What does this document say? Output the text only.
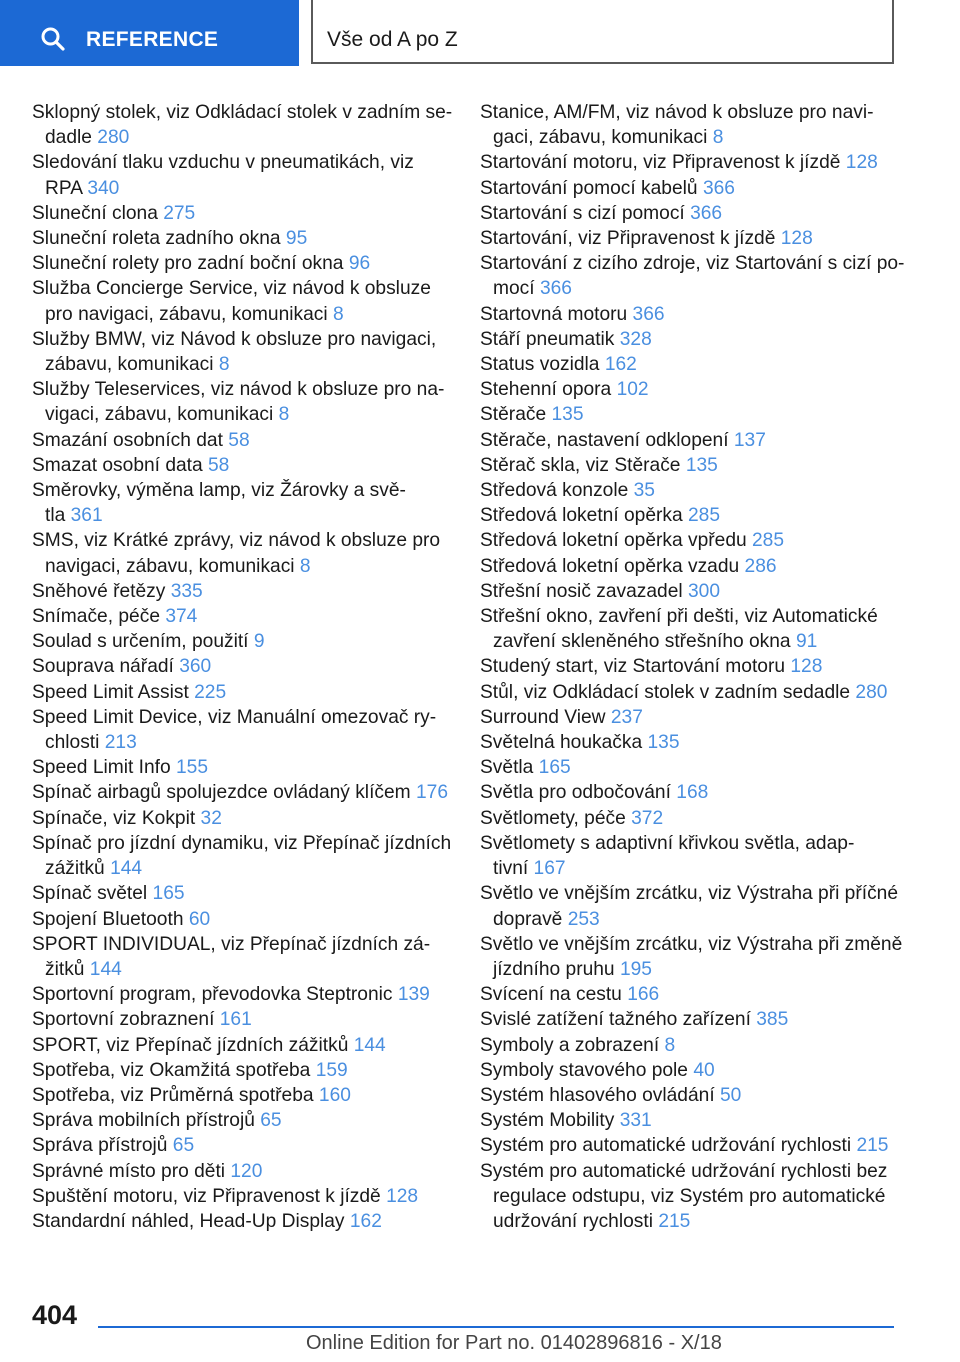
REFERENCE	Vše od A po Z
Sklopný stolek, viz Odkládací stolek v zadním se‐
dadle 280
Sledování tlaku vzduchu v pneumatikách, viz
RPA 340
Sluneční clona 275
Sluneční roleta zadního okna 95
Sluneční rolety pro zadní boční okna 96
Služba Concierge Service, viz návod k obsluze
pro navigaci, zábavu, komunikaci 8
Služby BMW, viz Návod k obsluze pro navigaci,
zábavu, komunikaci 8
Služby Teleservices, viz návod k obsluze pro na‐
vigaci, zábavu, komunikaci 8
Smazání osobních dat 58
Smazat osobní data 58
Směrovky, výměna lamp, viz Žárovky a svě‐
tla 361
SMS, viz Krátké zprávy, viz návod k obsluze pro
navigaci, zábavu, komunikaci 8
Sněhové řetězy 335
Snímače, péče 374
Soulad s určením, použití 9
Souprava nářadí 360
Speed Limit Assist 225
Speed Limit Device, viz Manuální omezovač ry‐
chlosti 213
Speed Limit Info 155
Spínač airbagů spolujezdce ovládaný klíčem 176
Spínače, viz Kokpit 32
Spínač pro jízdní dynamiku, viz Přepínač jízdních
zážitků 144
Spínač světel 165
Spojení Bluetooth 60
SPORT INDIVIDUAL, viz Přepínač jízdních zá‐
žitků 144
Sportovní program, převodovka Steptronic 139
Sportovní zobraznení 161
SPORT, viz Přepínač jízdních zážitků 144
Spotřeba, viz Okamžitá spotřeba 159
Spotřeba, viz Průměrná spotřeba 160
Správa mobilních přístrojů 65
Správa přístrojů 65
Správné místo pro děti 120
Spuštění motoru, viz Připravenost k jízdě 128
Standardní náhled, Head-Up Display 162
Stanice, AM/FM, viz návod k obsluze pro navi‐
gaci, zábavu, komunikaci 8
Startování motoru, viz Připravenost k jízdě 128
Startování pomocí kabelů 366
Startování s cizí pomocí 366
Startování, viz Připravenost k jízdě 128
Startování z cizího zdroje, viz Startování s cizí po‐
mocí 366
Startovná motoru 366
Stáří pneumatik 328
Status vozidla 162
Stehenní opora 102
Stěrače 135
Stěrače, nastavení odklopení 137
Stěrač skla, viz Stěrače 135
Středová konzole 35
Středová loketní opěrka 285
Středová loketní opěrka vpředu 285
Středová loketní opěrka vzadu 286
Střešní nosič zavazadel 300
Střešní okno, zavření při dešti, viz Automatické
zavření skleněného střešního okna 91
Studený start, viz Startování motoru 128
Stůl, viz Odkládací stolek v zadním sedadle 280
Surround View 237
Světelná houkačka 135
Světla 165
Světla pro odbočování 168
Světlomety, péče 372
Světlomety s adaptivní křivkou světla, adap‐
tivní 167
Světlo ve vnějším zrcátku, viz Výstraha při příčné
dopravě 253
Světlo ve vnějším zrcátku, viz Výstraha při změně
jízdního pruhu 195
Svícení na cestu 166
Svislé zatížení tažného zařízení 385
Symboly a zobrazení 8
Symboly stavového pole 40
Systém hlasového ovládání 50
Systém Mobility 331
Systém pro automatické udržování rychlosti 215
Systém pro automatické udržování rychlosti bez
regulace odstupu, viz Systém pro automatické
udržování rychlosti 215
404
Online Edition for Part no. 01402896816 - X/18
